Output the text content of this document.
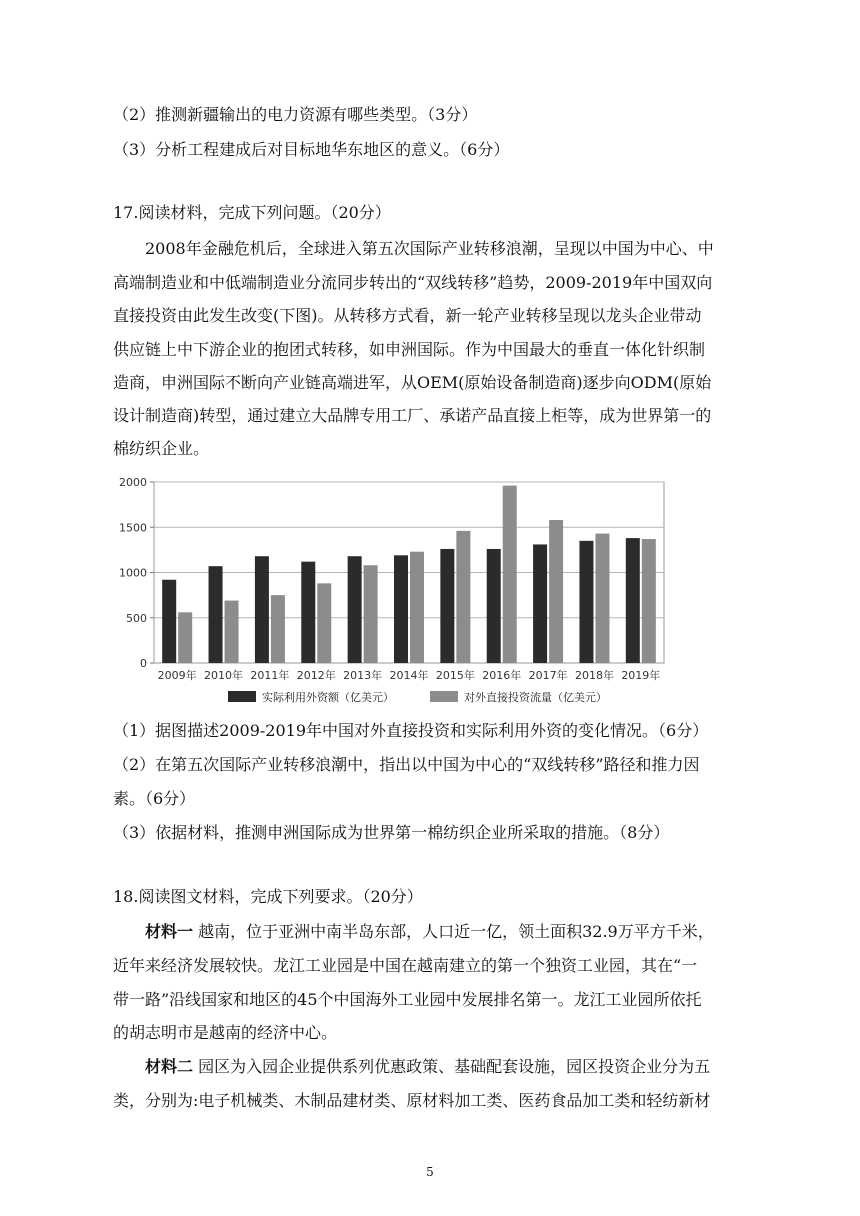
（2）推测新疆输出的电力资源有哪些类型。（3分）
（3）分析工程建成后对目标地华东地区的意义。（6分）
17.阅读材料，完成下列问题。（20分）
2008年金融危机后，全球进入第五次国际产业转移浪潮，呈现以中国为中心、中
高端制造业和中低端制造业分流同步转出的“双线转移”趋势，2009-2019年中国双向
直接投资由此发生改变(下图)。从转移方式看，新一轮产业转移呈现以龙头企业带动
供应链上中下游企业的抱团式转移，如申洲国际。作为中国最大的垂直一体化针织制
造商，申洲国际不断向产业链高端进军，从OEM(原始设备制造商)逐步向ODM(原始
设计制造商)转型，通过建立大品牌专用工厂、承诺产品直接上柜等，成为世界第一的
棉纺织企业。
0
500
1000
1500
2000
2009年 2010年 2011年 2012年 2013年 2014年 2015年 2016年 2017年 2018年 2019年
实际利用外资额（亿美元）	对外直接投资流量（亿美元）
（1）据图描述2009-2019年中国对外直接投资和实际利用外资的变化情况。（6分）
（2）在第五次国际产业转移浪潮中，指出以中国为中心的“双线转移”路径和推力因
素。（6分）
（3）依据材料，推测申洲国际成为世界第一棉纺织企业所采取的措施。（8分）
18.阅读图文材料，完成下列要求。（20分）
材料一 越南，位于亚洲中南半岛东部，人口近一亿，领土面积32.9万平方千米，
近年来经济发展较快。龙江工业园是中国在越南建立的第一个独资工业园，其在“一
带一路”沿线国家和地区的45个中国海外工业园中发展排名第一。龙江工业园所依托
的胡志明市是越南的经济中心。
材料二 园区为入园企业提供系列优惠政策、基础配套设施，园区投资企业分为五
类，分别为:电子机械类、木制品建材类、原材料加工类、医药食品加工类和轻纺新材
5
